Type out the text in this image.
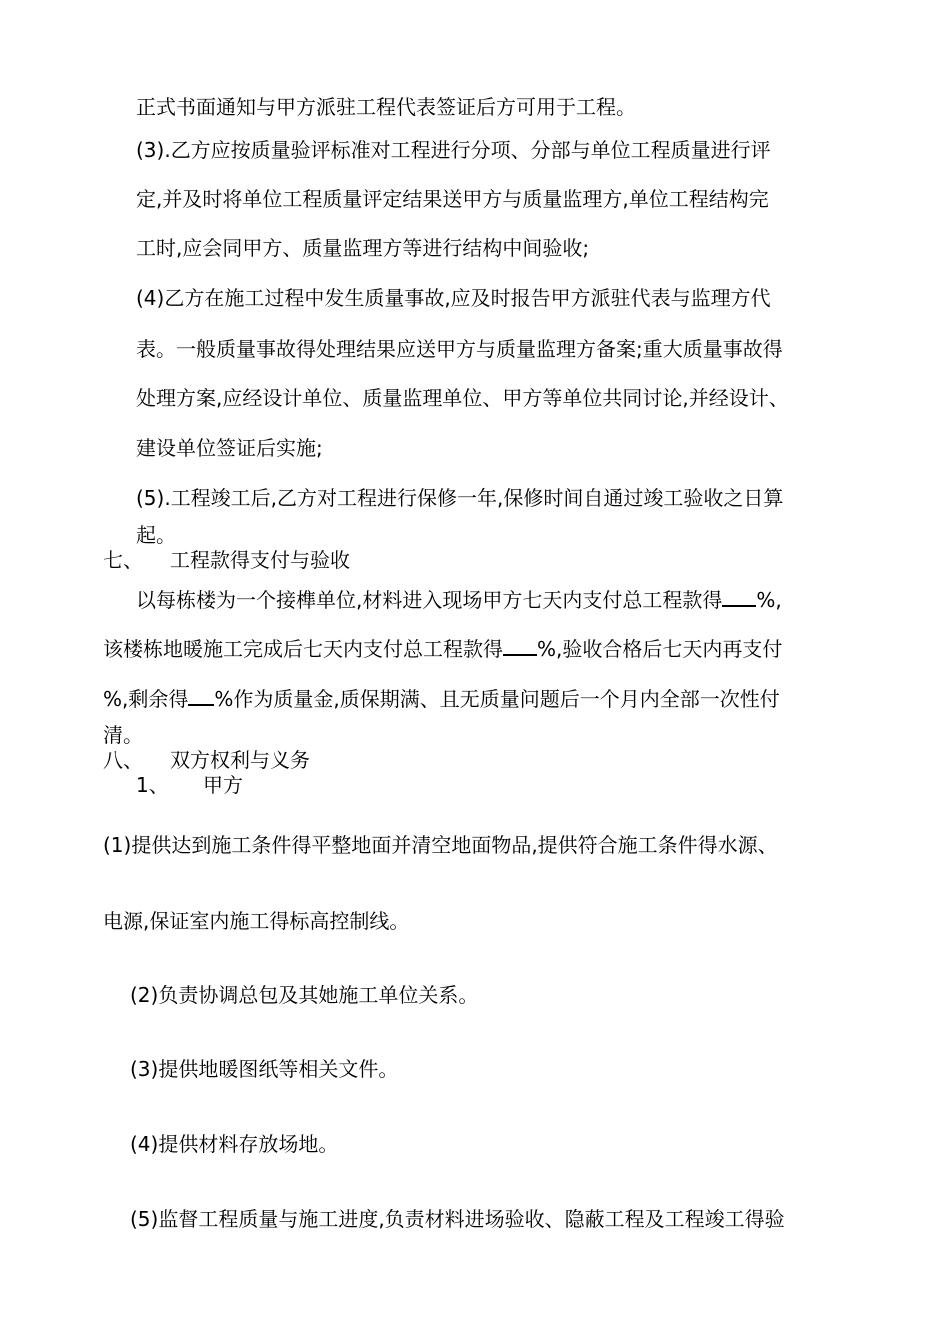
正式书面通知与甲方派驻工程代表签证后方可用于工程。
(3).乙方应按质量验评标准对工程进行分项、分部与单位工程质量进行评
定,并及时将单位工程质量评定结果送甲方与质量监理方,单位工程结构完
工时,应会同甲方、质量监理方等进行结构中间验收;
(4)乙方在施工过程中发生质量事故,应及时报告甲方派驻代表与监理方代
表。一般质量事故得处理结果应送甲方与质量监理方备案;重大质量事故得
处理方案,应经设计单位、质量监理单位、甲方等单位共同讨论,并经设计、
建设单位签证后实施;
(5).工程竣工后,乙方对工程进行保修一年,保修时间自通过竣工验收之日算
起。
七、 工程款得支付与验收
以每栋楼为一个接榫单位,材料进入现场甲方七天内支付总工程款得 %,
该楼栋地暖施工完成后七天内支付总工程款得 %,验收合格后七天内再支付
%,剩余得 %作为质量金,质保期满、且无质量问题后一个月内全部一次性付
清。
八、 双方权利与义务
1、 甲方
(1)提供达到施工条件得平整地面并清空地面物品,提供符合施工条件得水源、
电源,保证室内施工得标高控制线。
(2)负责协调总包及其她施工单位关系。
(3)提供地暖图纸等相关文件。
(4)提供材料存放场地。
(5)监督工程质量与施工进度,负责材料进场验收、隐蔽工程及工程竣工得验
